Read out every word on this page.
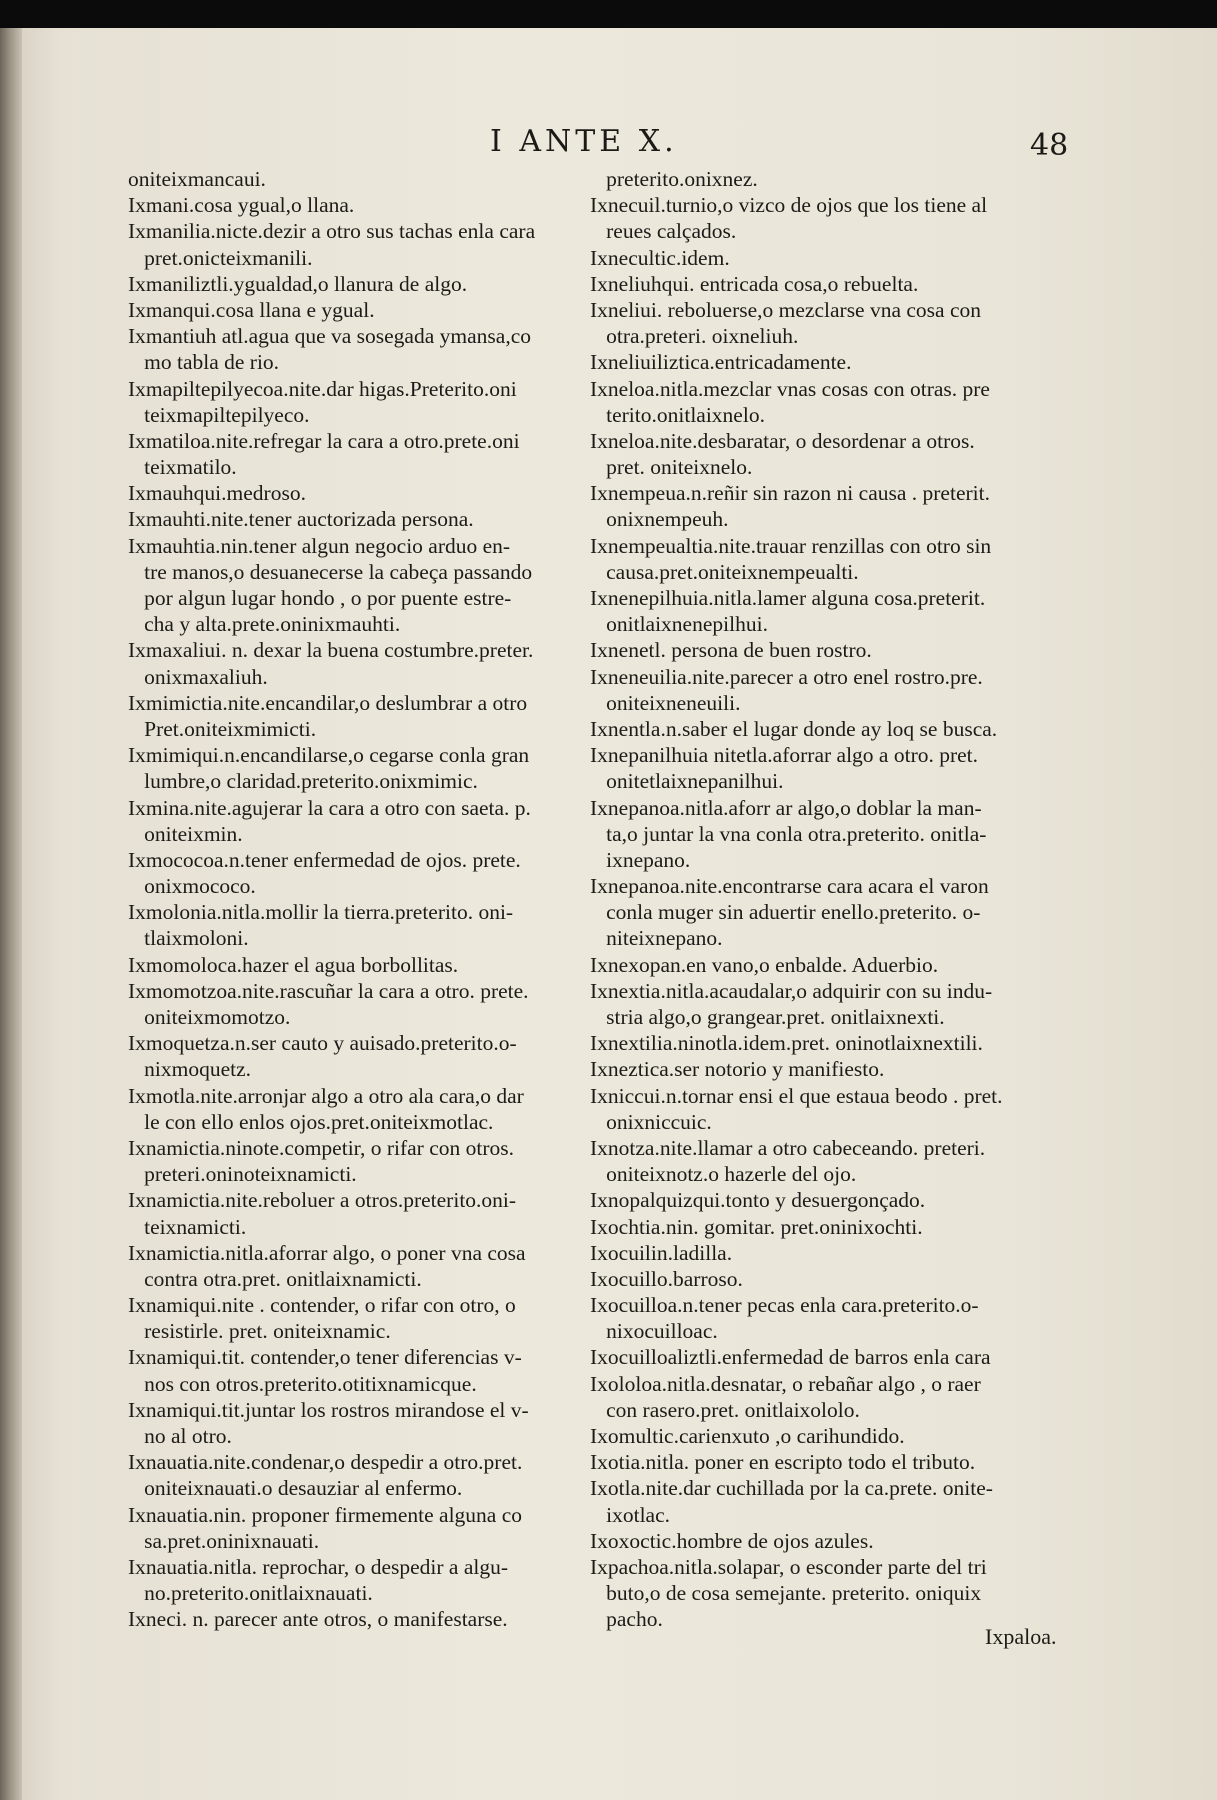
I ANTE X.	48
oniteixmancaui.
Ixmani.cosa ygual,o llana.
Ixmanilia.nicte.dezir a otro sus tachas enla cara
pret.onicteixmanili.
Ixmaniliztli.ygualdad,o llanura de algo.
Ixmanqui.cosa llana e ygual.
Ixmantiuh atl.agua que va sosegada ymansa,co
mo tabla de rio.
Ixmapiltepilyecoa.nite.dar higas.Preterito.oni
teixmapiltepilyeco.
Ixmatiloa.nite.refregar la cara a otro.prete.oni
teixmatilo.
Ixmauhqui.medroso.
Ixmauhti.nite.tener auctorizada persona.
Ixmauhtia.nin.tener algun negocio arduo en-
tre manos,o desuanecerse la cabeça passando
por algun lugar hondo , o por puente estre-
cha y alta.prete.oninixmauhti.
Ixmaxaliui. n. dexar la buena costumbre.preter.
onixmaxaliuh.
Ixmimictia.nite.encandilar,o deslumbrar a otro
Pret.oniteixmimicti.
Ixmimiqui.n.encandilarse,o cegarse conla gran
lumbre,o claridad.preterito.onixmimic.
Ixmina.nite.agujerar la cara a otro con saeta. p.
oniteixmin.
Ixmococoa.n.tener enfermedad de ojos. prete.
onixmococo.
Ixmolonia.nitla.mollir la tierra.preterito. oni-
tlaixmoloni.
Ixmomoloca.hazer el agua borbollitas.
Ixmomotzoa.nite.rascuñar la cara a otro. prete.
oniteixmomotzo.
Ixmoquetza.n.ser cauto y auisado.preterito.o-
nixmoquetz.
Ixmotla.nite.arronjar algo a otro ala cara,o dar
le con ello enlos ojos.pret.oniteixmotlac.
Ixnamictia.ninote.competir, o rifar con otros.
preteri.oninoteixnamicti.
Ixnamictia.nite.reboluer a otros.preterito.oni-
teixnamicti.
Ixnamictia.nitla.aforrar algo, o poner vna cosa
contra otra.pret. onitlaixnamicti.
Ixnamiqui.nite . contender, o rifar con otro, o
resistirle. pret. oniteixnamic.
Ixnamiqui.tit. contender,o tener diferencias v-
nos con otros.preterito.otitixnamicque.
Ixnamiqui.tit.juntar los rostros mirandose el v-
no al otro.
Ixnauatia.nite.condenar,o despedir a otro.pret.
oniteixnauati.o desauziar al enfermo.
Ixnauatia.nin. proponer firmemente alguna co
sa.pret.oninixnauati.
Ixnauatia.nitla. reprochar, o despedir a algu-
no.preterito.onitlaixnauati.
Ixneci. n. parecer ante otros, o manifestarse.
preterito.onixnez.
Ixnecuil.turnio,o vizco de ojos que los tiene al
reues calçados.
Ixnecultic.idem.
Ixneliuhqui. entricada cosa,o rebuelta.
Ixneliui. reboluerse,o mezclarse vna cosa con
otra.preteri. oixneliuh.
Ixneliuiliztica.entricadamente.
Ixneloa.nitla.mezclar vnas cosas con otras. pre
terito.onitlaixnelo.
Ixneloa.nite.desbaratar, o desordenar a otros.
pret. oniteixnelo.
Ixnempeua.n.reñir sin razon ni causa . preterit.
onixnempeuh.
Ixnempeualtia.nite.trauar renzillas con otro sin
causa.pret.oniteixnempeualti.
Ixnenepilhuia.nitla.lamer alguna cosa.preterit.
onitlaixnenepilhui.
Ixnenetl. persona de buen rostro.
Ixneneuilia.nite.parecer a otro enel rostro.pre.
oniteixneneuili.
Ixnentla.n.saber el lugar donde ay loq se busca.
Ixnepanilhuia nitetla.aforrar algo a otro. pret.
onitetlaixnepanilhui.
Ixnepanoa.nitla.aforr ar algo,o doblar la man-
ta,o juntar la vna conla otra.preterito. onitla-
ixnepano.
Ixnepanoa.nite.encontrarse cara acara el varon
conla muger sin aduertir enello.preterito. o-
niteixnepano.
Ixnexopan.en vano,o enbalde. Aduerbio.
Ixnextia.nitla.acaudalar,o adquirir con su indu-
stria algo,o grangear.pret. onitlaixnexti.
Ixnextilia.ninotla.idem.pret. oninotlaixnextili.
Ixneztica.ser notorio y manifiesto.
Ixniccui.n.tornar ensi el que estaua beodo . pret.
onixniccuic.
Ixnotza.nite.llamar a otro cabeceando. preteri.
oniteixnotz.o hazerle del ojo.
Ixnopalquizqui.tonto y desuergonçado.
Ixochtia.nin. gomitar. pret.oninixochti.
Ixocuilin.ladilla.
Ixocuillo.barroso.
Ixocuilloa.n.tener pecas enla cara.preterito.o-
nixocuilloac.
Ixocuilloaliztli.enfermedad de barros enla cara
Ixololoa.nitla.desnatar, o rebañar algo , o raer
con rasero.pret. onitlaixololo.
Ixomultic.carienxuto ,o carihundido.
Ixotia.nitla. poner en escripto todo el tributo.
Ixotla.nite.dar cuchillada por la ca.prete. onite-
ixotlac.
Ixoxoctic.hombre de ojos azules.
Ixpachoa.nitla.solapar, o esconder parte del tri
buto,o de cosa semejante. preterito. oniquix
pacho.
Ixpaloa.
